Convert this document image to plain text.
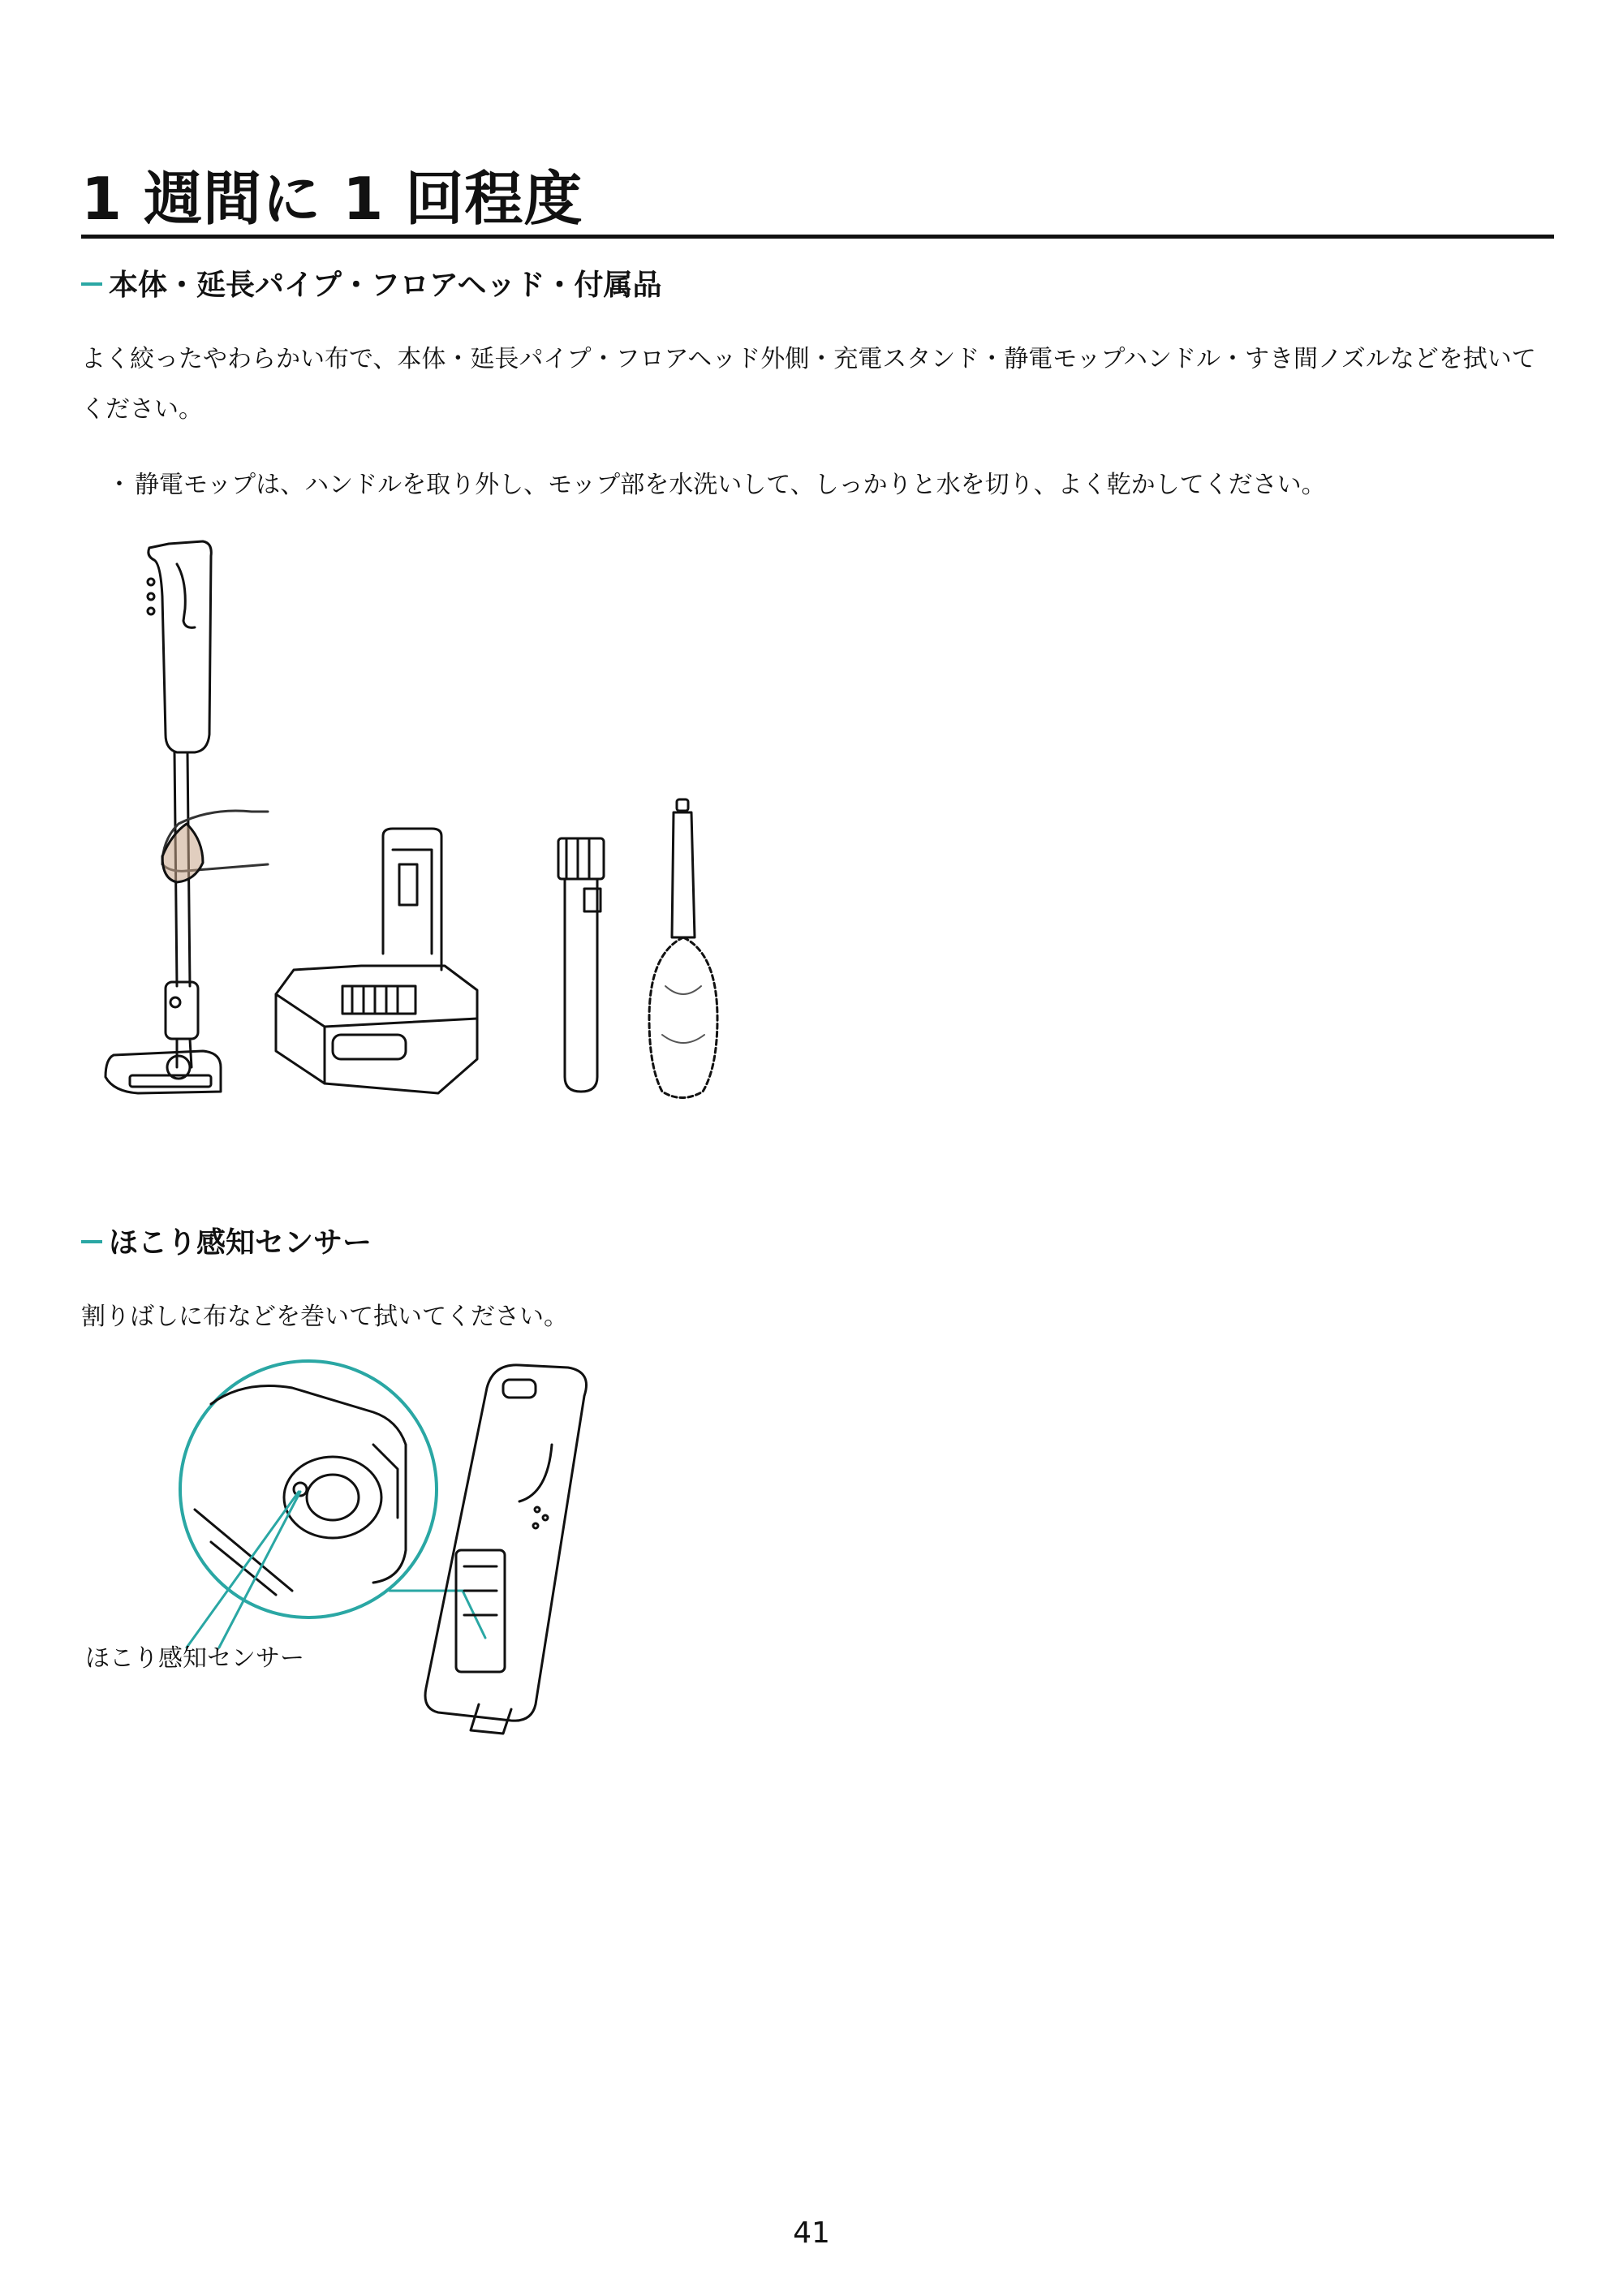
1 週間に 1 回程度
本体・延長パイプ・フロアヘッド・付属品

よく絞ったやわらかい布で、本体・延長パイプ・フロアヘッド外側・充電スタンド・静電モップハンドル・すき間ノズルなどを拭いてください。

・ 静電モップは、ハンドルを取り外し、モップ部を水洗いして、しっかりと水を切り、よく乾かしてください。

ほこり感知センサー

割りばしに布などを巻いて拭いてください。

ほこり感知センサー
41
